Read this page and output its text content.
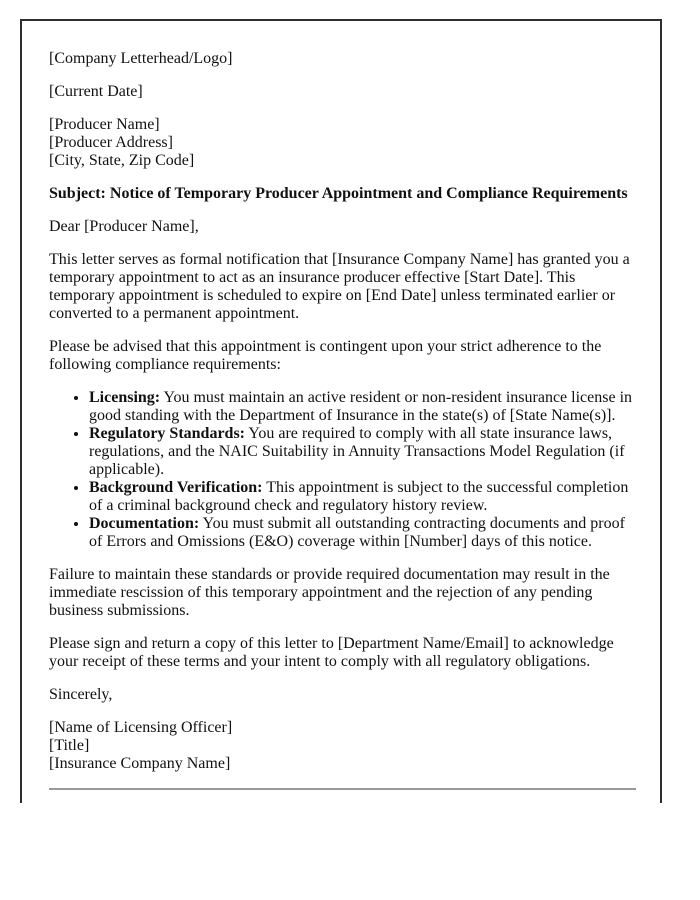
[Company Letterhead/Logo]

[Current Date]

[Producer Name]
[Producer Address]
[City, State, Zip Code]

Subject: Notice of Temporary Producer Appointment and Compliance Requirements

Dear [Producer Name],

This letter serves as formal notification that [Insurance Company Name] has granted you a temporary appointment to act as an insurance producer effective [Start Date]. This temporary appointment is scheduled to expire on [End Date] unless terminated earlier or converted to a permanent appointment.

Please be advised that this appointment is contingent upon your strict adherence to the following compliance requirements:

• Licensing: You must maintain an active resident or non-resident insurance license in good standing with the Department of Insurance in the state(s) of [State Name(s)].
• Regulatory Standards: You are required to comply with all state insurance laws, regulations, and the NAIC Suitability in Annuity Transactions Model Regulation (if applicable).
• Background Verification: This appointment is subject to the successful completion of a criminal background check and regulatory history review.
• Documentation: You must submit all outstanding contracting documents and proof of Errors and Omissions (E&O) coverage within [Number] days of this notice.

Failure to maintain these standards or provide required documentation may result in the immediate rescission of this temporary appointment and the rejection of any pending business submissions.

Please sign and return a copy of this letter to [Department Name/Email] to acknowledge your receipt of these terms and your intent to comply with all regulatory obligations.

Sincerely,

[Name of Licensing Officer]
[Title]
[Insurance Company Name]
